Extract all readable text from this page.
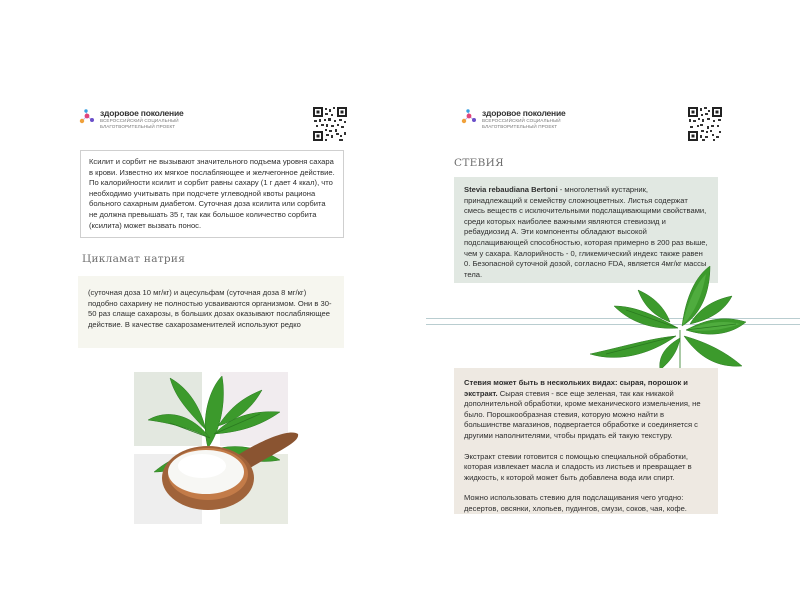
здоровое поколение
ВСЕРОССИЙСКИЙ СОЦИАЛЬНЫЙ
БЛАГОТВОРИТЕЛЬНЫЙ ПРОЕКТ

Ксилит и сорбит не вызывают значительного подъема уровня сахара в крови. Известно их мягкое послабляющее и желчегонное действие. По калорийности ксилит и сорбит равны сахару (1 г дает 4 ккал), что необходимо учитывать при подсчете углеводной квоты рациона больного сахарным диабетом. Суточная доза ксилита или сорбита не должна превышать 35 г, так как большое количество сорбита (ксилита) может вызвать понос.

Цикламат натрия

(суточная доза 10 мг/кг) и ацесульфам (суточная доза 8 мг/кг) подобно сахарину не полностью усваиваются организмом. Они в 30- 50 раз слаще сахарозы, в больших дозах оказывают послабляющее действие. В качестве сахарозаменителей используют редко

здоровое поколение
ВСЕРОССИЙСКИЙ СОЦИАЛЬНЫЙ
БЛАГОТВОРИТЕЛЬНЫЙ ПРОЕКТ
СТЕВИЯ

Stevia rebaudiana Bertoni - многолетний кустарник, принадлежащий к семейству сложноцветных. Листья содержат смесь веществ с исключительными подслащивающими свойствами, среди которых наиболее важными являются стевиозид и ребаудиозид А. Эти компоненты обладают высокой подслащивающей способностью, которая примерно в 200 раз выше, чем у сахара. Калорийность - 0, гликемический индекс также равен 0. Безопасной суточной дозой, согласно FDA, является 4мг/кг массы тела.

Стевия может быть в нескольких видах: сырая, порошок и экстракт. Сырая стевия - все еще зеленая, так как никакой дополнительной обработки, кроме механического измельчения, не было. Порошкообразная стевия, которую можно найти в большинстве магазинов, подвергается обработке и соединяется с другими наполнителями, чтобы придать ей такую текстуру.

Экстракт стевии готовится с помощью специальной обработки, которая извлекает масла и сладость из листьев и превращает в жидкость, к которой может быть добавлена вода или спирт.

Можно использовать стевию для подслащивания чего угодно: десертов, овсянки, хлопьев, пудингов, смузи, соков, чая, кофе.
